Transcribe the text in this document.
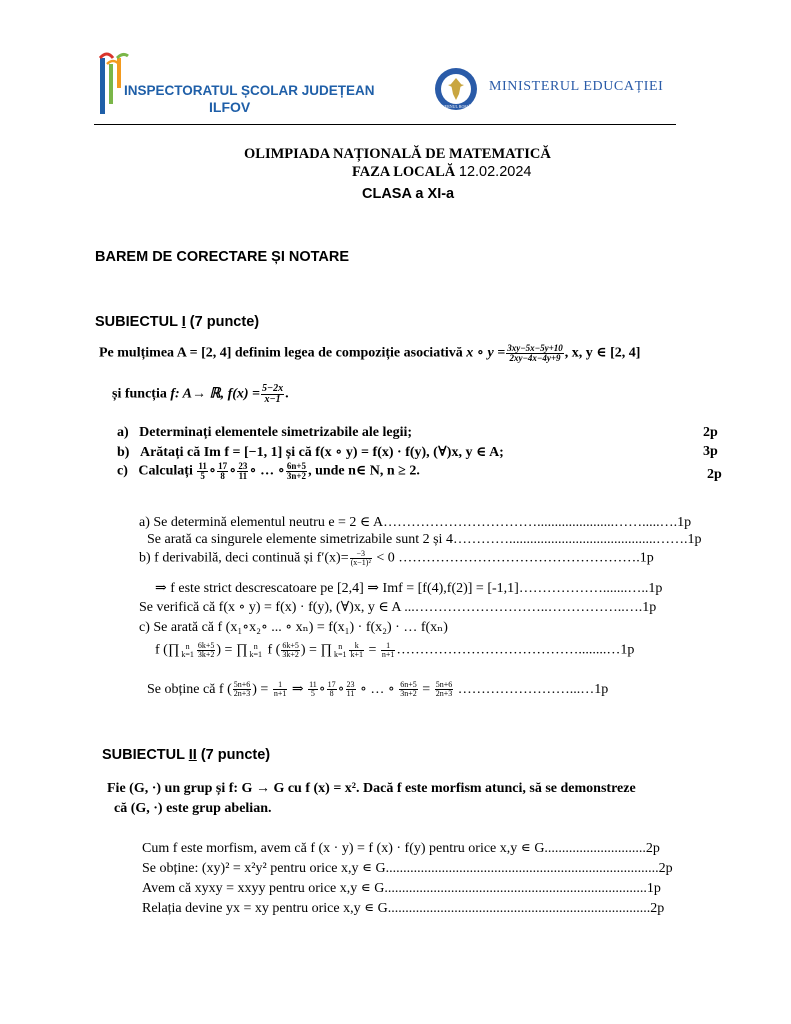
INSPECTORATUL ȘCOLAR JUDEȚEAN
ILFOV	GUVERNUL ROMÂNIEI
MINISTERUL EDUCAȚIEI
OLIMPIADA NAȚIONALĂ DE MATEMATICĂ
FAZA LOCALĂ 12.02.2024
CLASA a XI-a
BAREM DE CORECTARE ȘI NOTARE
SUBIECTUL I (7 puncte)
Pe mulțimea A = [2, 4] definim legea de compoziție asociativă x ∘ $y = \frac{3xy-5x-5y+10}{2xy-4x-4y+9}$ , x, y ∈ [2, 4]
și funcția f: A→ ℝ, $f(x) = \frac{5-2x}{x-1}$ .
a) Determinați elementele simetrizabile ale legii;	2p
b) Arătați că Im f = [−1, 1] și că f(x ∘ y) = f(x) · f(y), (∀)x, y ∈ A;	3p
c) Calculați $\frac{11}{5}$ ∘ $\frac{17}{8}$ ∘ $\frac{23}{11}$ ∘ … ∘ $\frac{6n+5}{3n+2}$ , unde n∈ N, n ≥ 2.	2p
a) Se determină elementul neutru e = 2 ∈ A……………………………......................…….....….1p
Se arată ca singurele elemente simetrizabile sunt 2 și 4…………..........................................…….1p
b) f derivabilă, deci continuă și $f'(x)= \frac{-3}{\text{(x−1)²}} < 0$ …………………………………………….1p
⇒ f este strict descrescatoare pe [2,4] ⇒ Imf = [f(4),f(2)] = [-1,1]……………….......…..1p
Se verifică că f(x ∘ y) = f(x) · f(y), (∀)x, y ∈ A ...………………………..……………..….1p
c) Se arată că f (x₁∘x₂∘ ... ∘ xₙ) = f(x₁) · f(x₂) · … f(xₙ)
f (∏ n
$k=1 \frac{6k+5}{3k+2}$ ) = ∏ n
k=1 f ( $\frac{6k+5}{3k+2}$ ) = ∏ n
$k=1 \frac{k}{k+1} = \frac{1}{n+1}$ …………………………………........…1p
Se obține că f ( $\frac{5n+6}{2n+3}$ ) = $\frac{1}{n+1}$ ⇒ $\frac{11}{5}$ ∘ $\frac{17}{8}$ ∘ $\frac{23}{11}$ ∘ … ∘ $\frac{6n+5}{3n+2} = \frac{5n+6}{2n+3}$ ……………………...…1p
SUBIECTUL II (7 puncte)
Fie (G, ·) un grup și f: G → G cu f (x) = x². Dacă f este morfism atunci, să se demonstreze
că (G, ·) este grup abelian.
Cum f este morfism, avem că f (x · y) = f (x) · f(y) pentru orice x,y ∊ G.............................2p
Se obține: (xy)² = x²y² pentru orice x,y ∊ G..............................................................................2p
Avem că xyxy = xxyy pentru orice x,y ∊ G...........................................................................1p
Relația devine yx = xy pentru orice x,y ∊ G...........................................................................2p
